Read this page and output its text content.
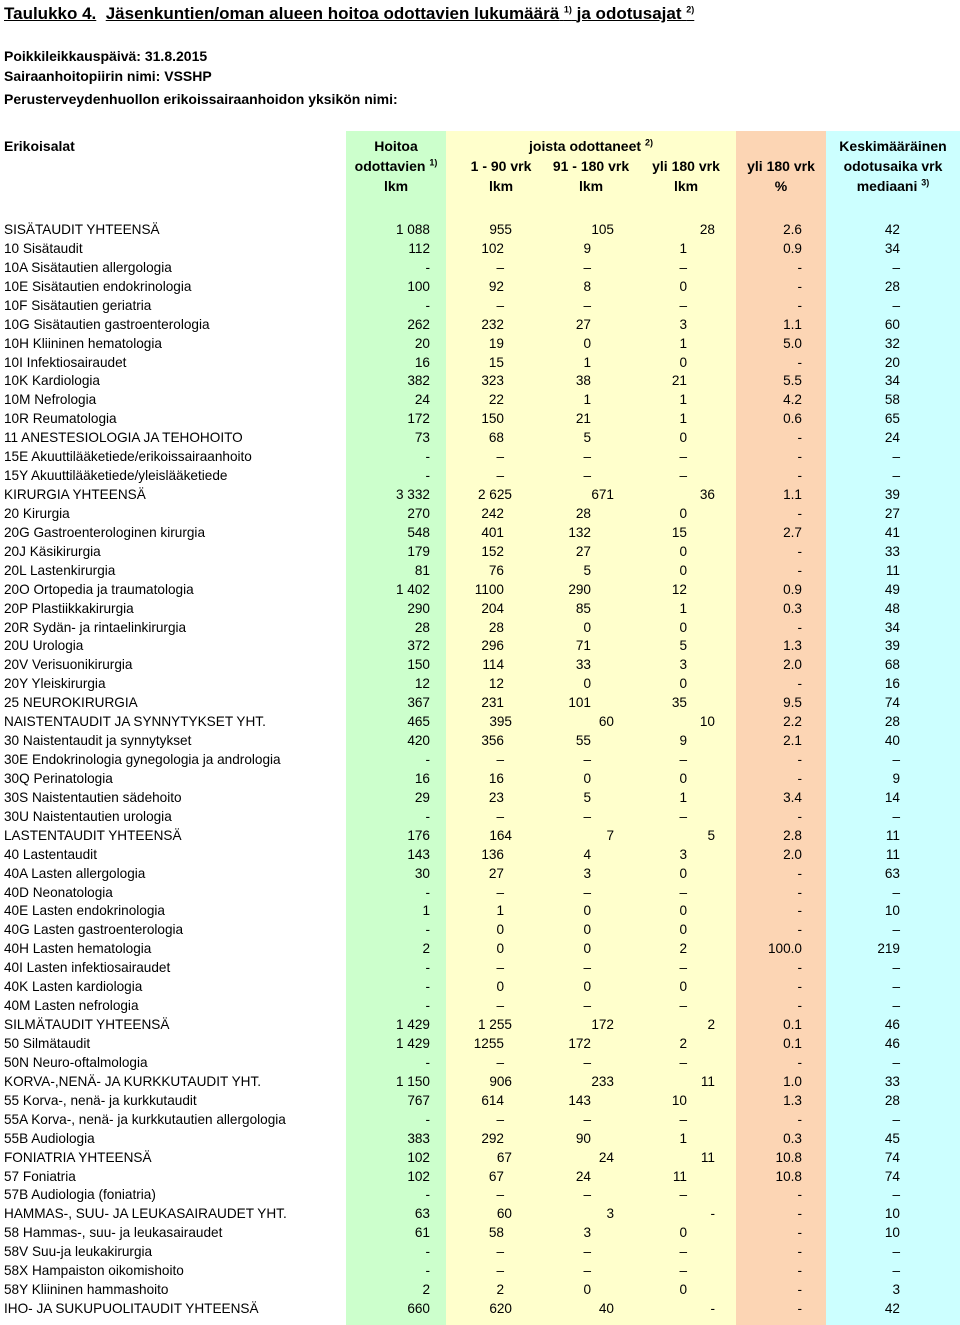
Taulukko 4. Jäsenkuntien/oman alueen hoitoa odottavien lukumäärä $^{1)}$ ja odotusajat $^{2)}$
Poikkileikkauspäivä: 31.8.2015
Sairaanhoitopiirin nimi: VSSHP
Perusterveydenhuollon erikoissairaanhoidon yksikön nimi:
Erikoisalat	Hoitoa
odottavien $^{1)}$
lkm
joista odottaneet $^{2)}$
1 - 90 vrk	91 - 180 vrk	yli 180 vrk
lkm	lkm	lkm
yli 180 vrk
%
Keskimääräinen
odotusaika vrk
mediaani $^{3)}$
SISÄTAUDIT YHTEENSÄ	1 088	955	105	28	2.6	42
10 Sisätaudit	112	102	9	1	0.9	34
10A Sisätautien allergologia	-	–	–	–	-	–
10E Sisätautien endokrinologia	100	92	8	0	-	28
10F Sisätautien geriatria	-	–	–	–	-	–
10G Sisätautien gastroenterologia	262	232	27	3	1.1	60
10H Kliininen hematologia	20	19	0	1	5.0	32
10I Infektiosairaudet	16	15	1	0	-	20
10K Kardiologia	382	323	38	21	5.5	34
10M Nefrologia	24	22	1	1	4.2	58
10R Reumatologia	172	150	21	1	0.6	65
11 ANESTESIOLOGIA JA TEHOHOITO	73	68	5	0	-	24
15E Akuuttilääketiede/erikoissairaanhoito	-	–	–	–	-	–
15Y Akuuttilääketiede/yleislääketiede	-	–	–	–	-	–
KIRURGIA YHTEENSÄ	3 332	2 625	671	36	1.1	39
20 Kirurgia	270	242	28	0	-	27
20G Gastroenterologinen kirurgia	548	401	132	15	2.7	41
20J Käsikirurgia	179	152	27	0	-	33
20L Lastenkirurgia	81	76	5	0	-	11
20O Ortopedia ja traumatologia	1 402	1100	290	12	0.9	49
20P Plastiikkakirurgia	290	204	85	1	0.3	48
20R Sydän- ja rintaelinkirurgia	28	28	0	0	-	34
20U Urologia	372	296	71	5	1.3	39
20V Verisuonikirurgia	150	114	33	3	2.0	68
20Y Yleiskirurgia	12	12	0	0	-	16
25 NEUROKIRURGIA	367	231	101	35	9.5	74
NAISTENTAUDIT JA SYNNYTYKSET YHT.	465	395	60	10	2.2	28
30 Naistentaudit ja synnytykset	420	356	55	9	2.1	40
30E Endokrinologia gynegologia ja andrologia	-	–	–	–	-	–
30Q Perinatologia	16	16	0	0	-	9
30S Naistentautien sädehoito	29	23	5	1	3.4	14
30U Naistentautien urologia	-	–	–	–	-	–
LASTENTAUDIT YHTEENSÄ	176	164	7	5	2.8	11
40 Lastentaudit	143	136	4	3	2.0	11
40A Lasten allergologia	30	27	3	0	-	63
40D Neonatologia	-	–	–	–	-	–
40E Lasten endokrinologia	1	1	0	0	-	10
40G Lasten gastroenterologia	-	0	0	0	-	–
40H Lasten hematologia	2	0	0	2	100.0	219
40I Lasten infektiosairaudet	-	–	–	–	-	–
40K Lasten kardiologia	-	0	0	0	-	–
40M Lasten nefrologia	-	–	–	–	-	–
SILMÄTAUDIT YHTEENSÄ	1 429	1 255	172	2	0.1	46
50 Silmätaudit	1 429	1255	172	2	0.1	46
50N Neuro-oftalmologia	-	–	–	–	-	–
KORVA-,NENÄ- JA KURKKUTAUDIT YHT.	1 150	906	233	11	1.0	33
55 Korva-, nenä- ja kurkkutaudit	767	614	143	10	1.3	28
55A Korva-, nenä- ja kurkkutautien allergologia	-	–	–	–	-	–
55B Audiologia	383	292	90	1	0.3	45
FONIATRIA YHTEENSÄ	102	67	24	11	10.8	74
57 Foniatria	102	67	24	11	10.8	74
57B Audiologia (foniatria)	-	–	–	–	-	–
HAMMAS-, SUU- JA LEUKASAIRAUDET YHT.	63	60	3	-	-	10
58 Hammas-, suu- ja leukasairaudet	61	58	3	0	-	10
58V Suu-ja leukakirurgia	-	–	–	–	-	–
58X Hampaiston oikomishoito	-	–	–	–	-	–
58Y Kliininen hammashoito	2	2	0	0	-	3
IHO- JA SUKUPUOLITAUDIT YHTEENSÄ	660	620	40	-	-	42
